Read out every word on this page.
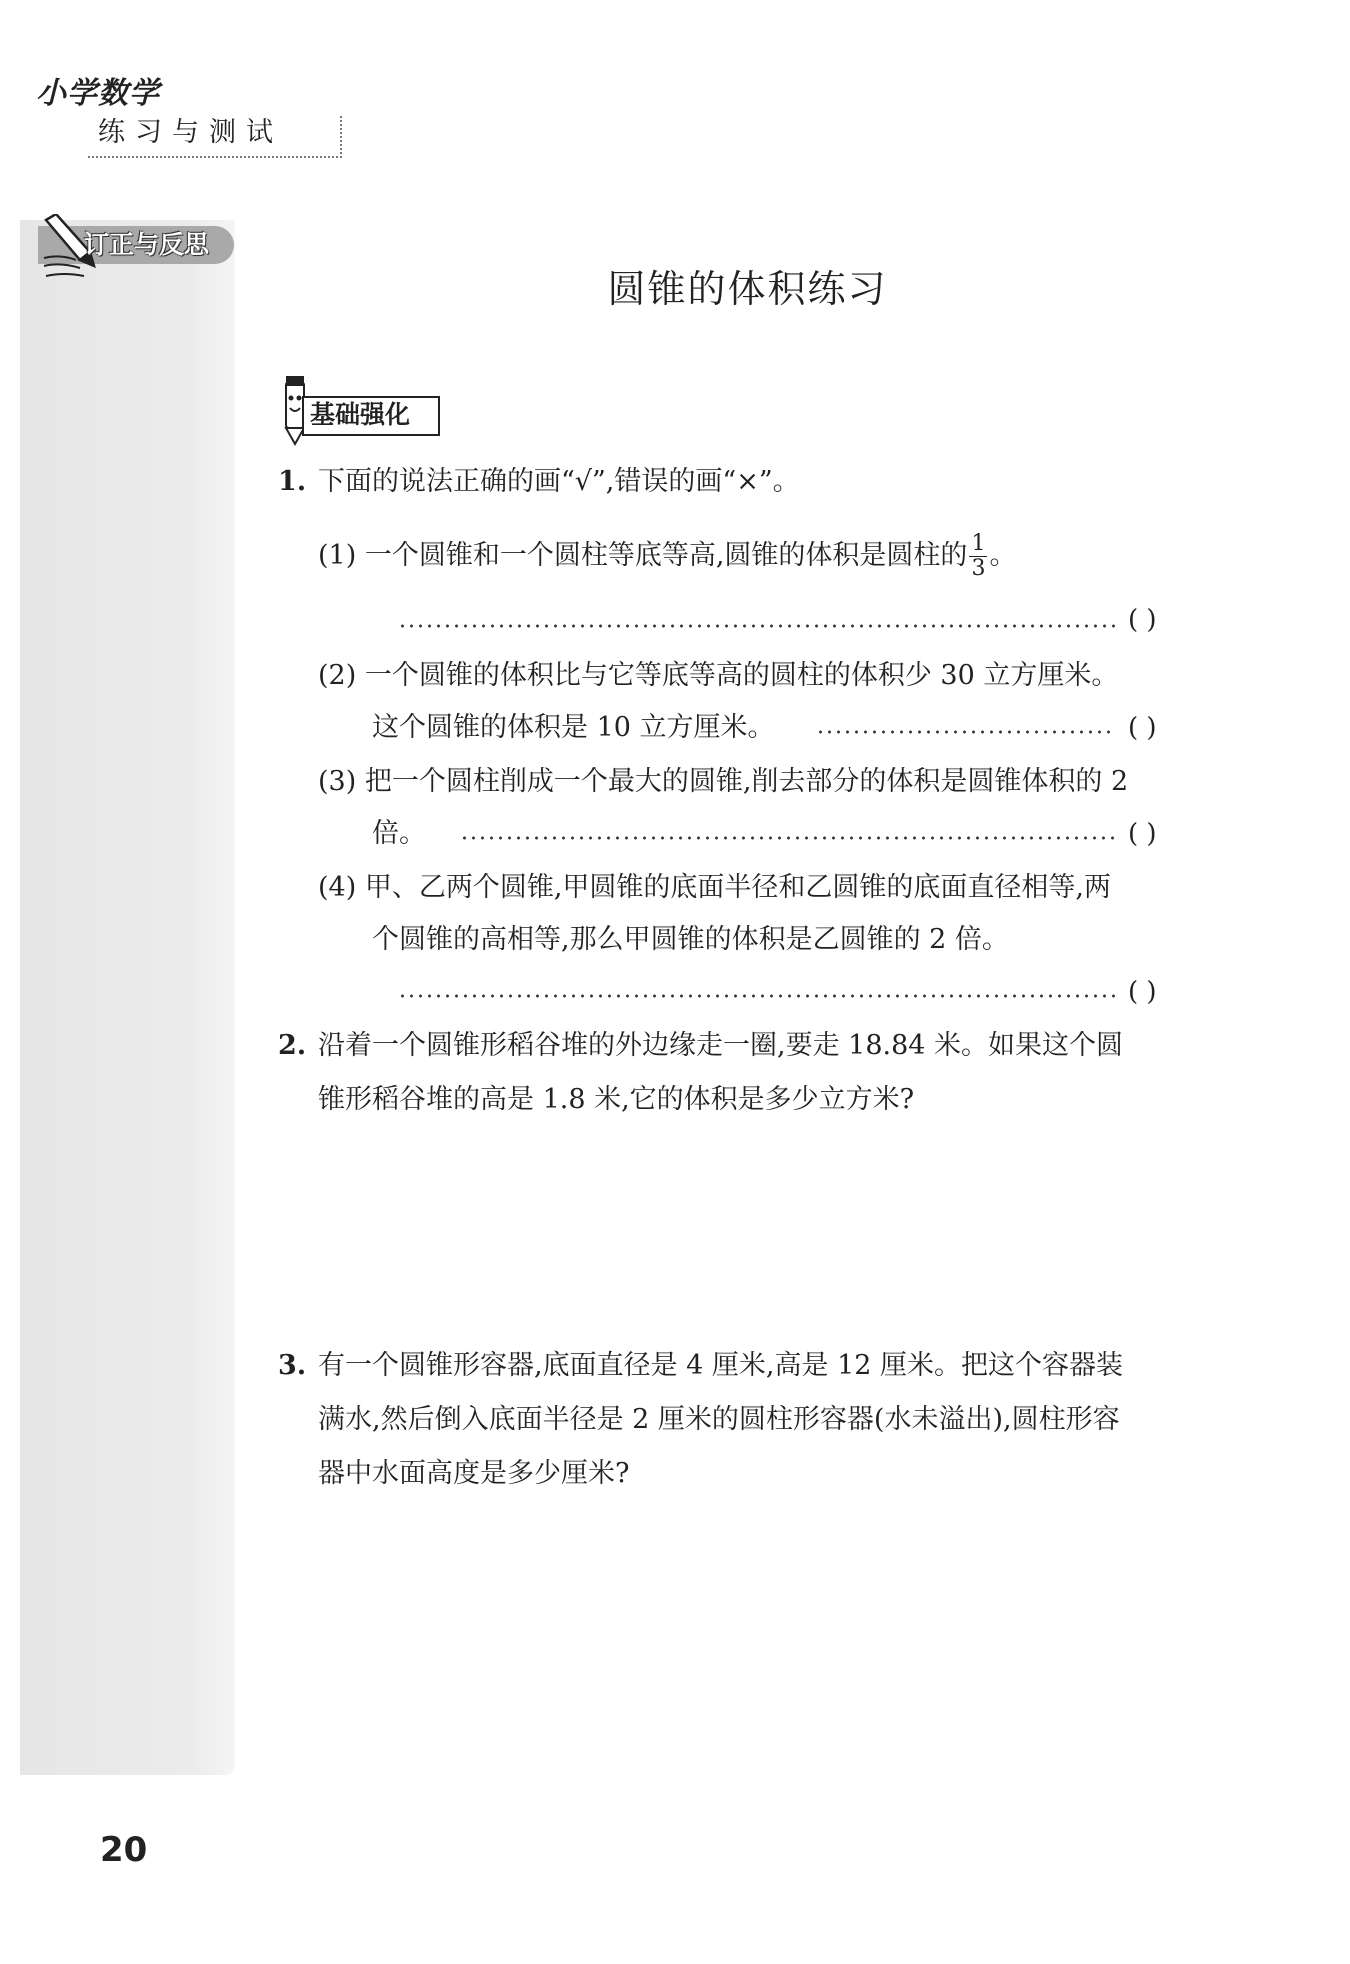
小学数学
练习与测试
订正与反思
圆锥的体积练习
基础强化
1. 下面的说法正确的画“√”,错误的画“×”。
(1) 一个圆锥和一个圆柱等底等高,圆锥的体积是圆柱的 $\frac{1}{3}$ 。
( )
(2) 一个圆锥的体积比与它等底等高的圆柱的体积少 30 立方厘米。
这个圆锥的体积是 10 立方厘米。	( )
(3) 把一个圆柱削成一个最大的圆锥,削去部分的体积是圆锥体积的 2
倍。	( )
(4) 甲、乙两个圆锥,甲圆锥的底面半径和乙圆锥的底面直径相等,两
个圆锥的高相等,那么甲圆锥的体积是乙圆锥的 2 倍。
( )
2. 沿着一个圆锥形稻谷堆的外边缘走一圈,要走 18.84 米。如果这个圆
锥形稻谷堆的高是 1.8 米,它的体积是多少立方米?
3. 有一个圆锥形容器,底面直径是 4 厘米,高是 12 厘米。把这个容器装
满水,然后倒入底面半径是 2 厘米的圆柱形容器(水未溢出),圆柱形容
器中水面高度是多少厘米?
20
